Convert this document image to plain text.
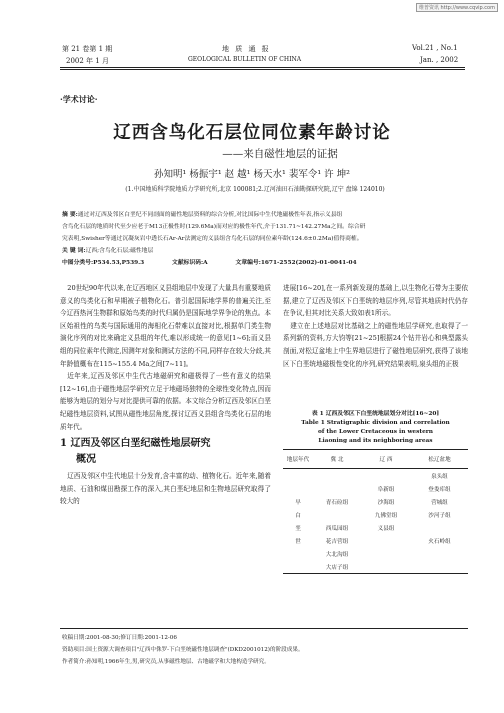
维普资讯 http://www.cqvip.com
第 21 卷第 1 期
2002 年 1 月
地 质 通 报
GEOLOGICAL BULLETIN OF CHINA
Vol.21 , No.1
Jan. , 2002
·学术讨论·
辽西含鸟化石层位同位素年龄讨论
——来自磁性地层的证据
孙知明¹ 杨振宇¹ 赵 越¹ 杨天水¹ 裴军令¹ 许 坤²
(1.中国地质科学院地质力学研究所,北京 100081;2.辽河油田石油勘探研究院,辽宁 盘锦 124010)
摘 要:通过对辽西及邻区白垩纪不同剖面的磁性地层资料的综合分析,对比国际中生代地磁极性年表,指示义县组
含鸟化石层的地质时代至少应老于M13正极性时(129.6Ma)而对应的极性年代,介于131.71~142.27Ma之间。综合研
究表明,Swisher等通过沉凝灰岩中透长石Ar-Ar法测定的义县组含鸟化石层的同位素年龄(124.6±0.2Ma)值得商榷。
关 键 词:辽西;含鸟化石层;磁性地层
中图分类号:P534.53,P539.3	文献标识码:A	文章编号:1671-2552(2002)-01-0041-04

20世纪90年代以来,在辽西地区义县组地层中发现了大量具有重要地质意义的鸟类化石和早期被子植物化石。普引起国际地学界的普遍关注,至今辽西热河生物群和原始鸟类的时代归属仍是国际地学界争论的焦点。本区始祖性的鸟类与国际通用的海相化石带难以直接对比,根据单门类生物演化序列的对比来确定义县组的年代,难以形成统一的意见[1~6];而义县组的同位素年代测定,因测年对象和测试方法的不同,同样存在较大分歧,其年龄值概布在115~155.4 Ma之间[7~11]。

近年来,辽西及邻区中生代古地磁研究和磁极得了一些有意义的结果[12~16],由于磁性地层学研究立足于地磁场独特的全球性变化特点,因而能够为地层的划分与对比提供可靠的依据。本文综合分析辽西及邻区白垩纪磁性地层资料,试图从磁性地层角度,探讨辽西义县组含鸟类化石层的地质年代。

1 辽西及邻区白垩纪磁性地层研究
概况

辽西及邻区中生代地层十分发育,含丰富的动、植物化石。近年来,随着地质、石油和煤田勘探工作的深入,其白垩纪地层和生物地层研究取得了较大的

进展[16~20],在一系列新发现的基础上,以生物化石带为主要依据,建立了辽西及邻区下白垩统的地层序列,尽管其地质时代仍存在争议,但其对比关系大致如表1所示。

建立在上述地层对比基础之上的磁性地层学研究,也取得了一系列新的资料,方大钧等[21~25]根据24个钻井岩心和典型露头剖面,对松辽盆地上中生界地层进行了磁性地层研究,获得了该地区下白垩统地磁极性变化的序列,研究结果表明,泉头组的正极

表 1 辽西及邻区下白垩统地层划分对比[16~20]
Table 1 Stratigraphic division and correlation
of the Lower Cretaceous in western
Liaoning and its neighboring areas
地层年代	冀 北	辽 西	松辽盆地
			泉头组
		阜新组	登娄库组
早	青石砬组	沙海组	营城组
白		九佛堂组	沙河子组
垩	西瓜园组	义县组	
世	花吉营组		火石岭组
	大北沟组		
	大店子组		
收稿日期:2001-08-30;修订日期:2001-12-06
资助项目:国土资源大调查项目"辽西中侏罗-下白垩统磁性地层调查"(DKD2001012)的阶段成果。
作者简介:孙知明,1966年生,男,研究员,从事磁性地层、古地磁学和大地构造学研究。
